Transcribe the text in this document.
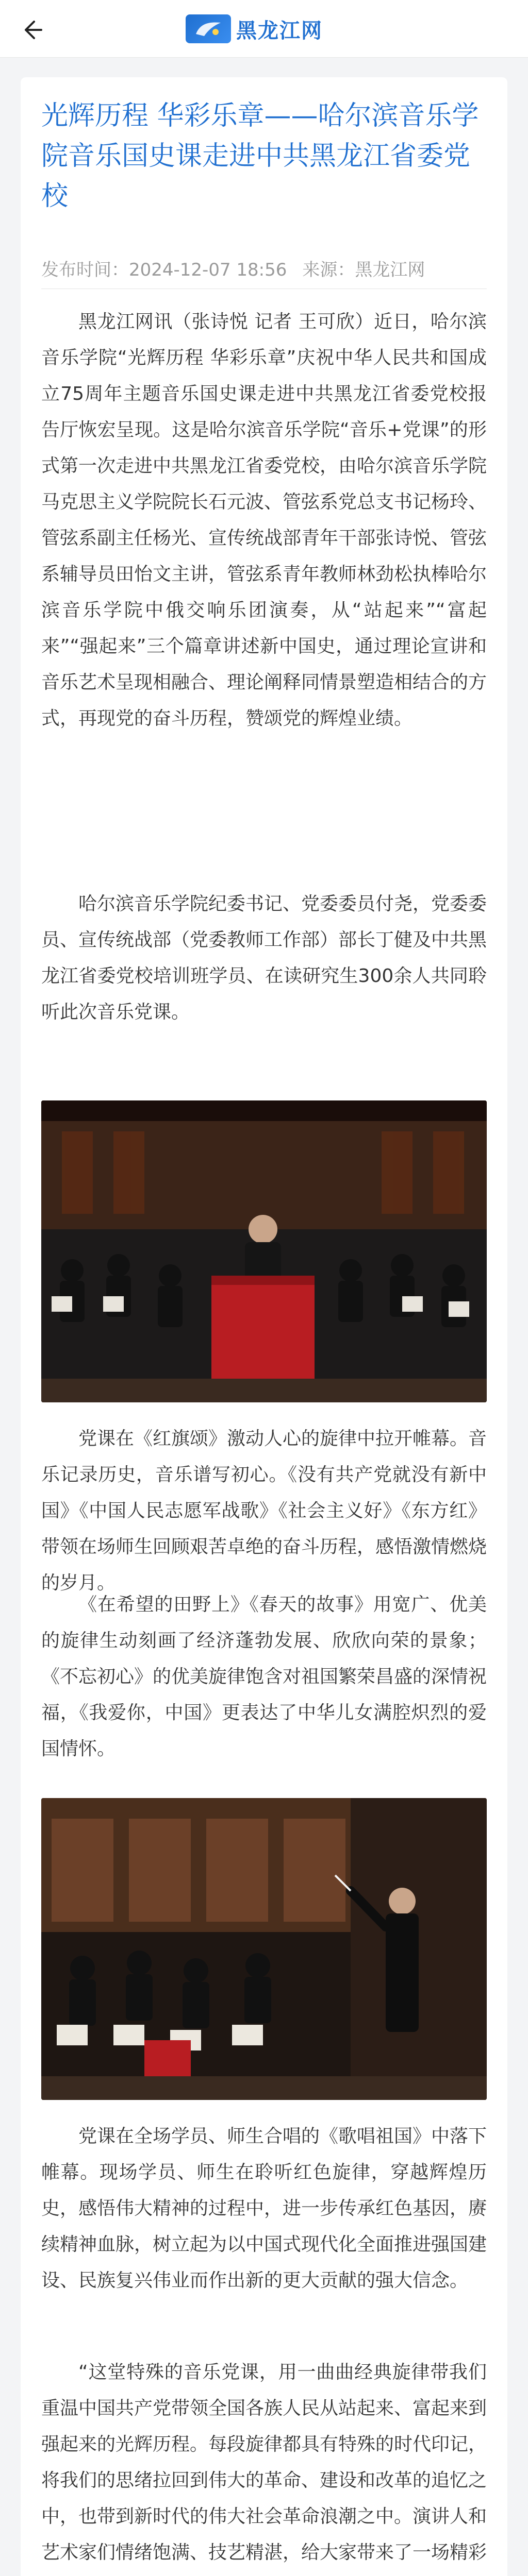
黑龙江网
光辉历程 华彩乐章——哈尔滨音乐学院音乐国史课走进中共黑龙江省委党校
发布时间：2024-12-07 18:56 来源：黑龙江网

黑龙江网讯（张诗悦 记者 王可欣）近日，哈尔滨音乐学院“光辉历程 华彩乐章”庆祝中华人民共和国成立75周年主题音乐国史课走进中共黑龙江省委党校报告厅恢宏呈现。这是哈尔滨音乐学院“音乐+党课”的形式第一次走进中共黑龙江省委党校，由哈尔滨音乐学院马克思主义学院院长石元波、管弦系党总支书记杨玲、管弦系副主任杨光、宣传统战部青年干部张诗悦、管弦系辅导员田怡文主讲，管弦系青年教师林劲松执棒哈尔滨音乐学院中俄交响乐团演奏，从“站起来”“富起来”“强起来”三个篇章讲述新中国史，通过理论宣讲和音乐艺术呈现相融合、理论阐释同情景塑造相结合的方式，再现党的奋斗历程，赞颂党的辉煌业绩。

哈尔滨音乐学院纪委书记、党委委员付尧，党委委员、宣传统战部（党委教师工作部）部长丁健及中共黑龙江省委党校培训班学员、在读研究生300余人共同聆听此次音乐党课。

党课在《红旗颂》激动人心的旋律中拉开帷幕。音乐记录历史，音乐谱写初心。《没有共产党就没有新中国》《中国人民志愿军战歌》《社会主义好》《东方红》带领在场师生回顾艰苦卓绝的奋斗历程，感悟激情燃烧的岁月。

《在希望的田野上》《春天的故事》用宽广、优美的旋律生动刻画了经济蓬勃发展、欣欣向荣的景象；《不忘初心》的优美旋律饱含对祖国繁荣昌盛的深情祝福，《我爱你，中国》更表达了中华儿女满腔炽烈的爱国情怀。

党课在全场学员、师生合唱的《歌唱祖国》中落下帷幕。现场学员、师生在聆听红色旋律，穿越辉煌历史，感悟伟大精神的过程中，进一步传承红色基因，赓续精神血脉，树立起为以中国式现代化全面推进强国建设、民族复兴伟业而作出新的更大贡献的强大信念。

“这堂特殊的音乐党课，用一曲曲经典旋律带我们重温中国共产党带领全国各族人民从站起来、富起来到强起来的光辉历程。每段旋律都具有特殊的时代印记，将我们的思绪拉回到伟大的革命、建设和改革的追忆之中，也带到新时代的伟大社会革命浪潮之中。演讲人和艺术家们情绪饱满、技艺精湛，给大家带来了一场精彩
